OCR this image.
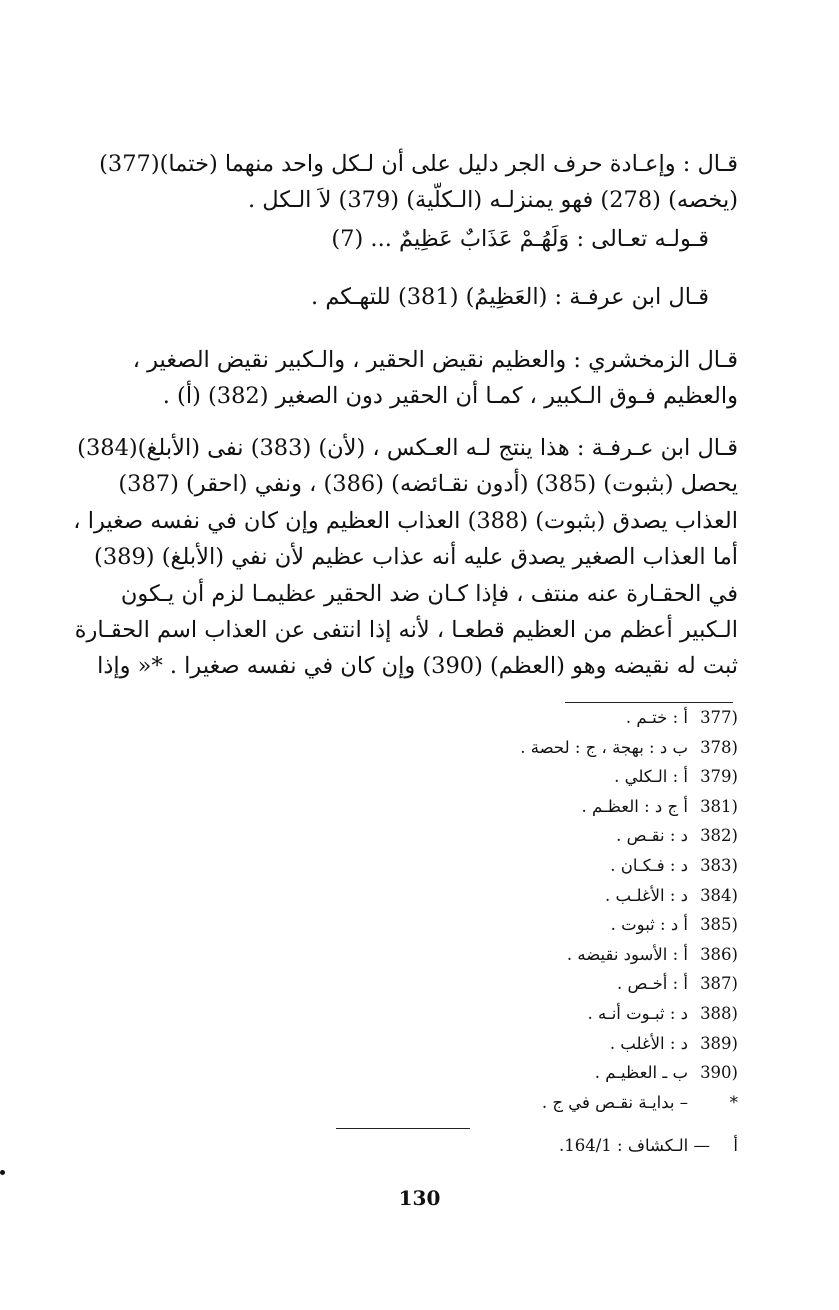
قـال : وإعـادة حرف الجر دليل على أن لـكل واحد منهما (ختما)(377)
(يخصه) (278) فهو يمنزلـه (الـكلّية) (379) لاَ الـكل .

قـولـه تعـالى : وَلَهُـمْ عَذَابٌ عَظِيمٌ ... (7)

قـال ابن عرفـة : (العَظِيمُ) (381) للتهـكم .

قـال الزمخشري : والعظيم نقيض الحقير ، والـكبير نقيض الصغير ،
والعظيم فـوق الـكبير ، كمـا أن الحقير دون الصغير (382) (أ) .

قـال ابن عـرفـة : هذا ينتج لـه العـكس ، (لأن) (383) نفى (الأبلغ)(384)
يحصل (بثبوت) (385) (أدون نقـائضه) (386) ، ونفي (احقر) (387)
العذاب يصدق (بثبوت) (388) العذاب العظيم وإن كان في نفسه صغيرا ،
أما العذاب الصغير يصدق عليه أنه عذاب عظيم لأن نفي (الأبلغ) (389)
في الحقـارة عنه منتف ، فإذا كـان ضد الحقير عظيمـا لزم أن يـكون
الـكبير أعظم من العظيم قطعـا ، لأنه إذا انتفى عن العذاب اسم الحقـارة
ثبت له نقيضه وهو (العظم) (390) وإن كان في نفسه صغيرا . *« وإذا

377)
أ : ختـم .
378)
ب د : بهجة ، ج : لحصة .
379)
أ : الـكلي .
381)
أ ج د : العظـم .
382)
د : نقـص .
383)
د : فـكـان .
384)
د : الأغلـب .
385)
أ د : ثبوت .
386)
أ : الأسود نقيضه .
387)
أ : أخـص .
388)
د : ثبـوت أنـه .
389)
د : الأغلب .
390)
ب ـ العظيـم .
*
– بدايـة نقـص في ج .
أ— الـكشاف : 164/1.
130
